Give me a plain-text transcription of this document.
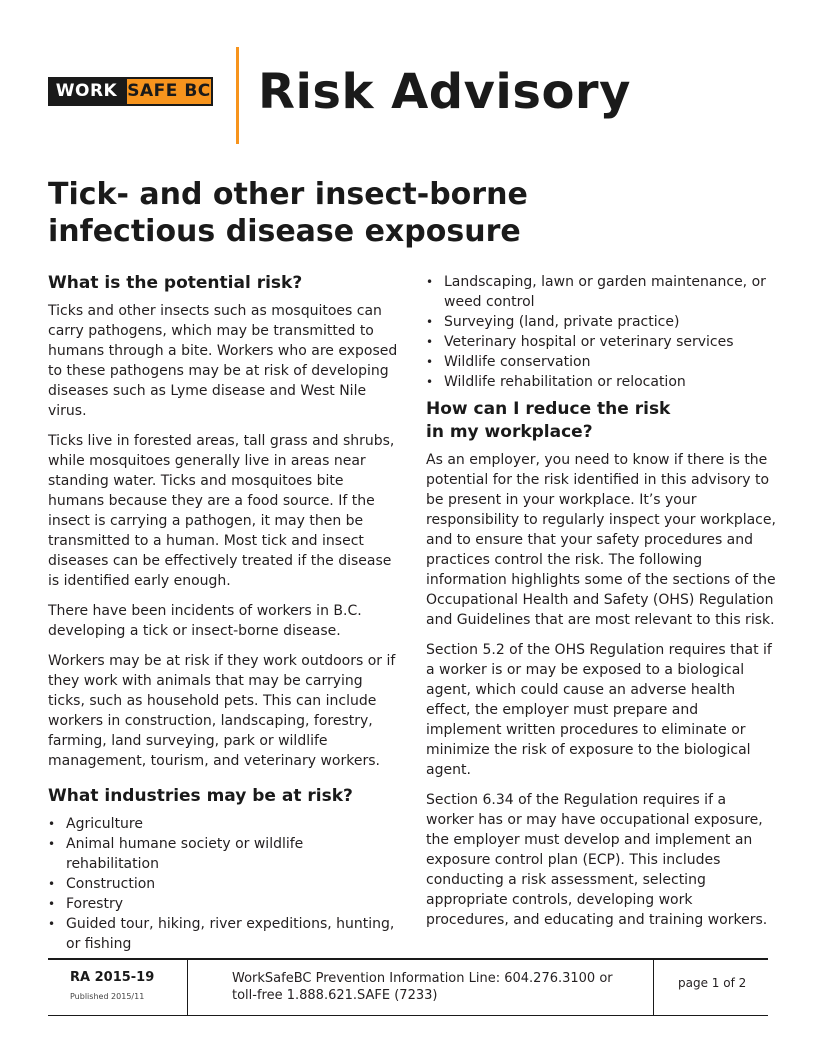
WORK SAFE BC Risk Advisory
Tick- and other insect-borne
infectious disease exposure
What is the potential risk?

Ticks and other insects such as mosquitoes can carry pathogens, which may be transmitted to humans through a bite. Workers who are exposed to these pathogens may be at risk of developing diseases such as Lyme disease and West Nile virus.

Ticks live in forested areas, tall grass and shrubs, while mosquitoes generally live in areas near standing water. Ticks and mosquitoes bite humans because they are a food source. If the insect is carrying a pathogen, it may then be transmitted to a human. Most tick and insect diseases can be effectively treated if the disease is identified early enough.

There have been incidents of workers in B.C. developing a tick or insect-borne disease.

Workers may be at risk if they work outdoors or if they work with animals that may be carrying ticks, such as household pets. This can include workers in construction, landscaping, forestry, farming, land surveying, park or wildlife management, tourism, and veterinary workers.

What industries may be at risk?
• Agriculture
• Animal humane society or wildlife rehabilitation
• Construction
• Forestry
• Guided tour, hiking, river expeditions, hunting, or fishing
• Landscaping, lawn or garden maintenance, or weed control
• Surveying (land, private practice)
• Veterinary hospital or veterinary services
• Wildlife conservation
• Wildlife rehabilitation or relocation
How can I reduce the risk in my workplace?

As an employer, you need to know if there is the potential for the risk identified in this advisory to be present in your workplace. It’s your responsibility to regularly inspect your workplace, and to ensure that your safety procedures and practices control the risk. The following information highlights some of the sections of the Occupational Health and Safety (OHS) Regulation and Guidelines that are most relevant to this risk.

Section 5.2 of the OHS Regulation requires that if a worker is or may be exposed to a biological agent, which could cause an adverse health effect, the employer must prepare and implement written procedures to eliminate or minimize the risk of exposure to the biological agent.

Section 6.34 of the Regulation requires if a worker has or may have occupational exposure, the employer must develop and implement an exposure control plan (ECP). This includes conducting a risk assessment, selecting appropriate controls, developing work procedures, and educating and training workers.

RA 2015-19
Published 2015/11
WorkSafeBC Prevention Information Line: 604.276.3100 or
toll-free 1.888.621.SAFE (7233)
page 1 of 2
